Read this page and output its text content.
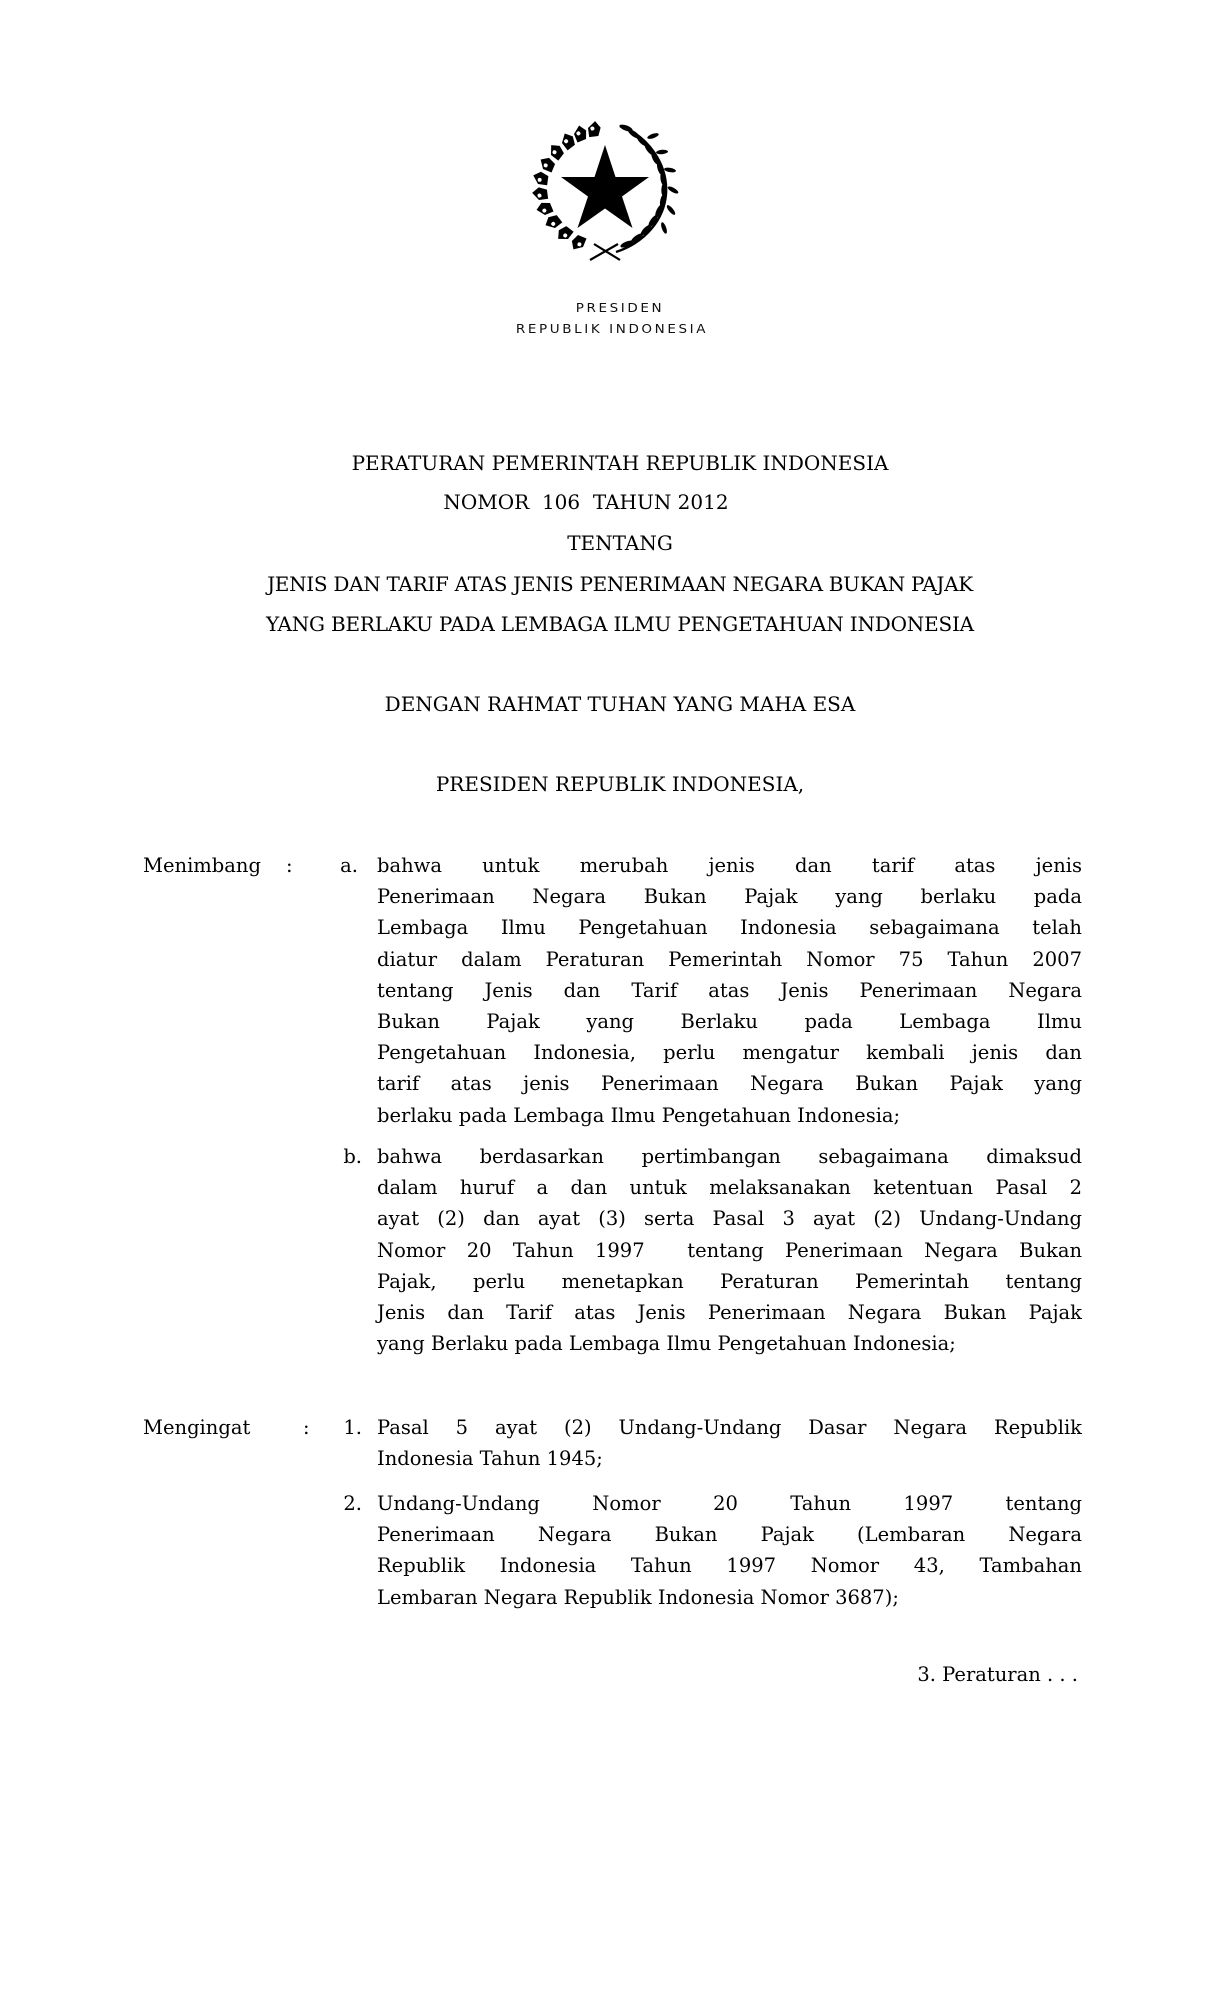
PRESIDEN
REPUBLIK INDONESIA
PERATURAN PEMERINTAH REPUBLIK INDONESIA
NOMOR  106  TAHUN 2012
TENTANG
JENIS DAN TARIF ATAS JENIS PENERIMAAN NEGARA BUKAN PAJAK
YANG BERLAKU PADA LEMBAGA ILMU PENGETAHUAN INDONESIA
DENGAN RAHMAT TUHAN YANG MAHA ESA
PRESIDEN REPUBLIK INDONESIA,
Menimbang :	a. bahwa untuk merubah jenis dan tarif atas jenis
Penerimaan Negara Bukan Pajak yang berlaku pada
Lembaga Ilmu Pengetahuan Indonesia sebagaimana telah
diatur dalam Peraturan Pemerintah Nomor 75 Tahun 2007
tentang Jenis dan Tarif atas Jenis Penerimaan Negara
Bukan Pajak yang Berlaku pada Lembaga Ilmu
Pengetahuan Indonesia, perlu mengatur kembali jenis dan
tarif atas jenis Penerimaan Negara Bukan Pajak yang
berlaku pada Lembaga Ilmu Pengetahuan Indonesia;
b. bahwa berdasarkan pertimbangan sebagaimana dimaksud
dalam huruf a dan untuk melaksanakan ketentuan Pasal 2
ayat (2) dan ayat (3) serta Pasal 3 ayat (2) Undang-Undang
Nomor 20 Tahun 1997  tentang Penerimaan Negara Bukan
Pajak, perlu menetapkan Peraturan Pemerintah tentang
Jenis dan Tarif atas Jenis Penerimaan Negara Bukan Pajak
yang Berlaku pada Lembaga Ilmu Pengetahuan Indonesia;
Mengingat	:	1. Pasal 5 ayat (2) Undang-Undang Dasar Negara Republik
Indonesia Tahun 1945;
2. Undang-Undang Nomor 20 Tahun 1997 tentang
Penerimaan Negara Bukan Pajak (Lembaran Negara
Republik Indonesia Tahun 1997 Nomor 43, Tambahan
Lembaran Negara Republik Indonesia Nomor 3687);
3. Peraturan . . .
